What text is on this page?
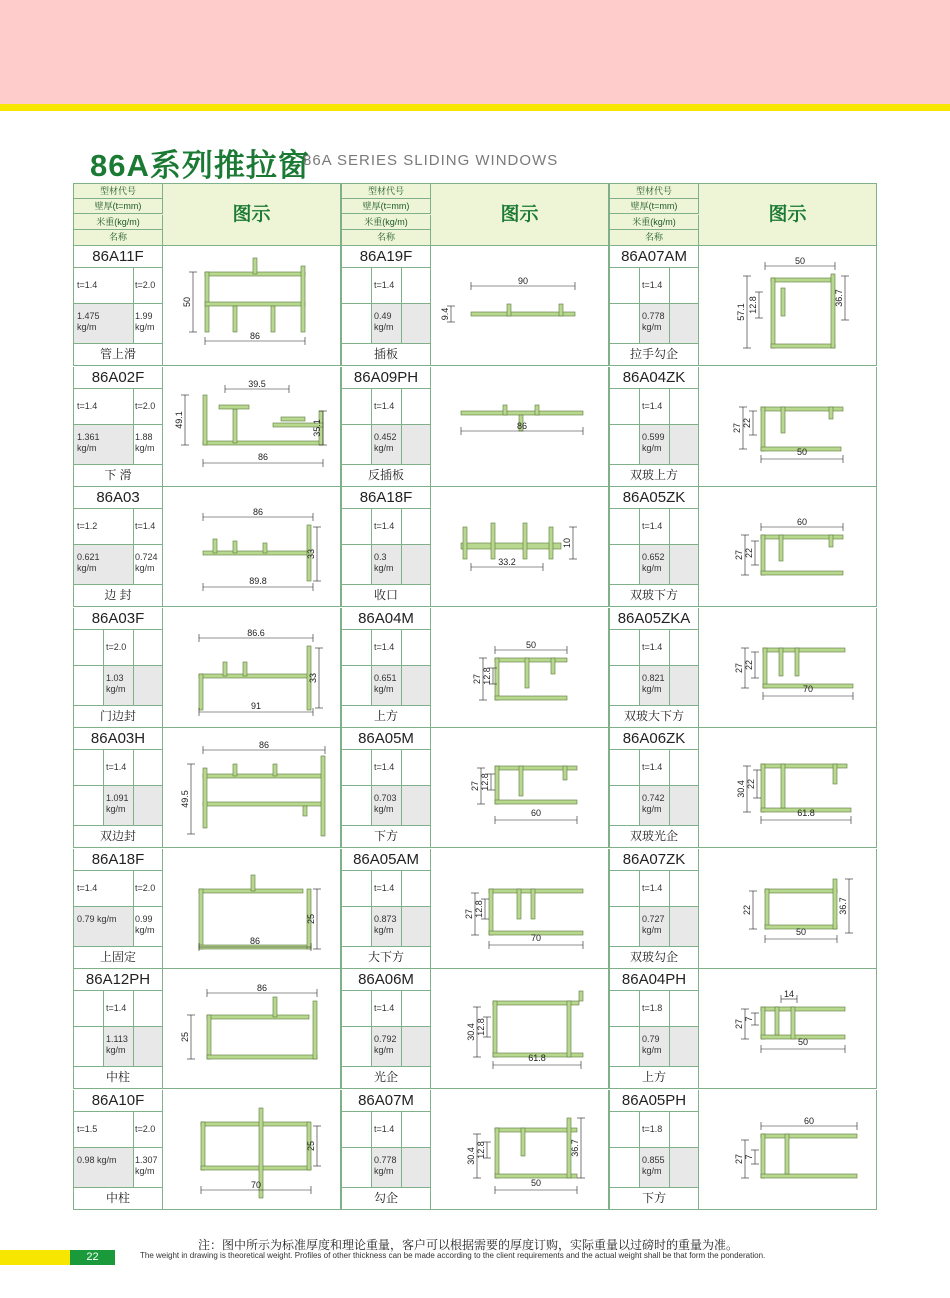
86A系列推拉窗
86A SERIES SLIDING WINDOWS
型材代号
壁厚(t=mm)
米重(kg/m)
名称
图示
86A11F
t=1.4	t=2.0
1.475 kg/m
1.99 kg/m
管上滑
50
86
86A02F
t=1.4	t=2.0
1.361 kg/m
1.88 kg/m
下 滑
39.5
49.1	35.1
86
86A03
t=1.2	t=1.4
0.621 kg/m
0.724 kg/m
边 封
86
33
89.8
86A03F
t=2.0
1.03 kg/m
门边封
86.6
33
91
86A03H
t=1.4
1.091 kg/m
双边封
86
49.5
86A18F
t=1.4	t=2.0
0.79 kg/m 0.99 kg/m
上固定
25
86
86A12PH
t=1.4
1.113 kg/m
中柱
86
25
86A10F
t=1.5	t=2.0
0.98 kg/m 1.307 kg/m
中柱
25
70
型材代号
壁厚(t=mm)
米重(kg/m)
名称
图示
86A19F
t=1.4
0.49 kg/m
插板
90
9.4
86A09PH
t=1.4
0.452 kg/m
反插板
86
86A18F
t=1.4
0.3 kg/m
收口
10
33.2
86A04M
t=1.4
0.651 kg/m
上方
50
27 12.8
86A05M
t=1.4
0.703 kg/m
下方
27 12.8
60
86A05AM
t=1.4
0.873 kg/m
大下方
27 12.8
70
86A06M
t=1.4
0.792 kg/m
光企
30.4 12.8
61.8
86A07M
t=1.4
0.778 kg/m
勾企
30.4 12.8	36.7
50
型材代号
壁厚(t=mm)
米重(kg/m)
名称
图示
86A07AM
t=1.4
0.778 kg/m
拉手勾企
50
57.1 12.8	36.7
86A04ZK
t=1.4
0.599 kg/m
双玻上方
27 22
50
86A05ZK
t=1.4
0.652 kg/m
双玻下方
60
27 22
86A05ZKA
t=1.4
0.821 kg/m
双玻大下方
27 22
70
86A06ZK
t=1.4
0.742 kg/m
双玻光企
30.4 22
61.8
86A07ZK
t=1.4
0.727 kg/m
双玻勾企
22	36.7
50
86A04PH
t=1.8
0.79 kg/m
上方
14
27 7
50
86A05PH
t=1.8
0.855 kg/m
下方
60
27 7
注：图中所示为标准厚度和理论重量，客户可以根据需要的厚度订购，实际重量以过磅时的重量为准。
The weight in drawing is theoretical weight. Profiles of other thickness can be made according to the client requirements and the actual weight shall be that form the ponderation.
22
